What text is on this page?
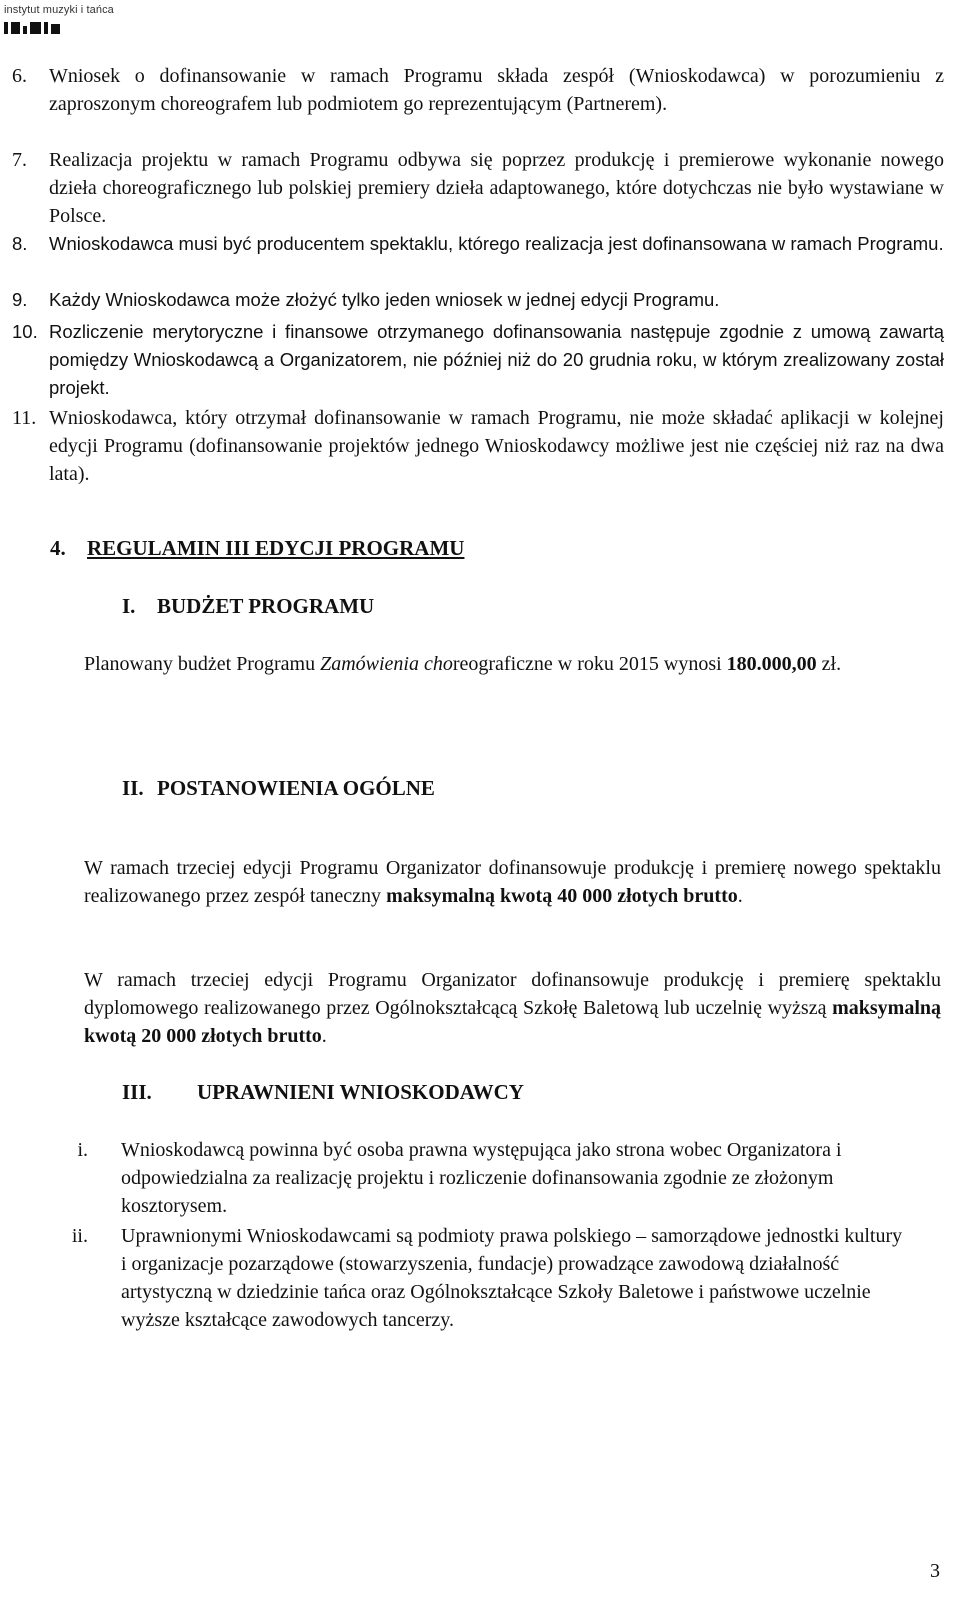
instytut muzyki i tańca
6. Wniosek o dofinansowanie w ramach Programu składa zespół (Wnioskodawca) w porozumieniu z zaproszonym choreografem lub podmiotem go reprezentującym (Partnerem).
7. Realizacja projektu w ramach Programu odbywa się poprzez produkcję i premierowe wykonanie nowego dzieła choreograficznego lub polskiej premiery dzieła adaptowanego, które dotychczas nie było wystawiane w Polsce.
8. Wnioskodawca musi być producentem spektaklu, którego realizacja jest dofinansowana w ramach Programu.
9. Każdy Wnioskodawca może złożyć tylko jeden wniosek w jednej edycji Programu.
10. Rozliczenie merytoryczne i finansowe otrzymanego dofinansowania następuje zgodnie z umową zawartą pomiędzy Wnioskodawcą a Organizatorem, nie później niż do 20 grudnia roku, w którym zrealizowany został projekt.
11. Wnioskodawca, który otrzymał dofinansowanie w ramach Programu, nie może składać aplikacji w kolejnej edycji Programu (dofinansowanie projektów jednego Wnioskodawcy możliwe jest nie częściej niż raz na dwa lata).
4. REGULAMIN III EDYCJI PROGRAMU
I. BUDŻET PROGRAMU
Planowany budżet Programu Zamówienia choreograficzne w roku 2015 wynosi 180.000,00 zł.
II. POSTANOWIENIA OGÓLNE
W ramach trzeciej edycji Programu Organizator dofinansowuje produkcję i premierę nowego spektaklu realizowanego przez zespół taneczny maksymalną kwotą 40 000 złotych brutto.
W ramach trzeciej edycji Programu Organizator dofinansowuje produkcję i premierę spektaklu dyplomowego realizowanego przez Ogólnokształcącą Szkołę Baletową lub uczelnię wyższą maksymalną kwotą 20 000 złotych brutto.
III. UPRAWNIENI WNIOSKODAWCY
i. Wnioskodawcą powinna być osoba prawna występująca jako strona wobec Organizatora i odpowiedzialna za realizację projektu i rozliczenie dofinansowania zgodnie ze złożonym kosztorysem.
ii. Uprawnionymi Wnioskodawcami są podmioty prawa polskiego – samorządowe jednostki kultury i organizacje pozarządowe (stowarzyszenia, fundacje) prowadzące zawodową działalność artystyczną w dziedzinie tańca oraz Ogólnokształcące Szkoły Baletowe i państwowe uczelnie wyższe kształcące zawodowych tancerzy.
3
